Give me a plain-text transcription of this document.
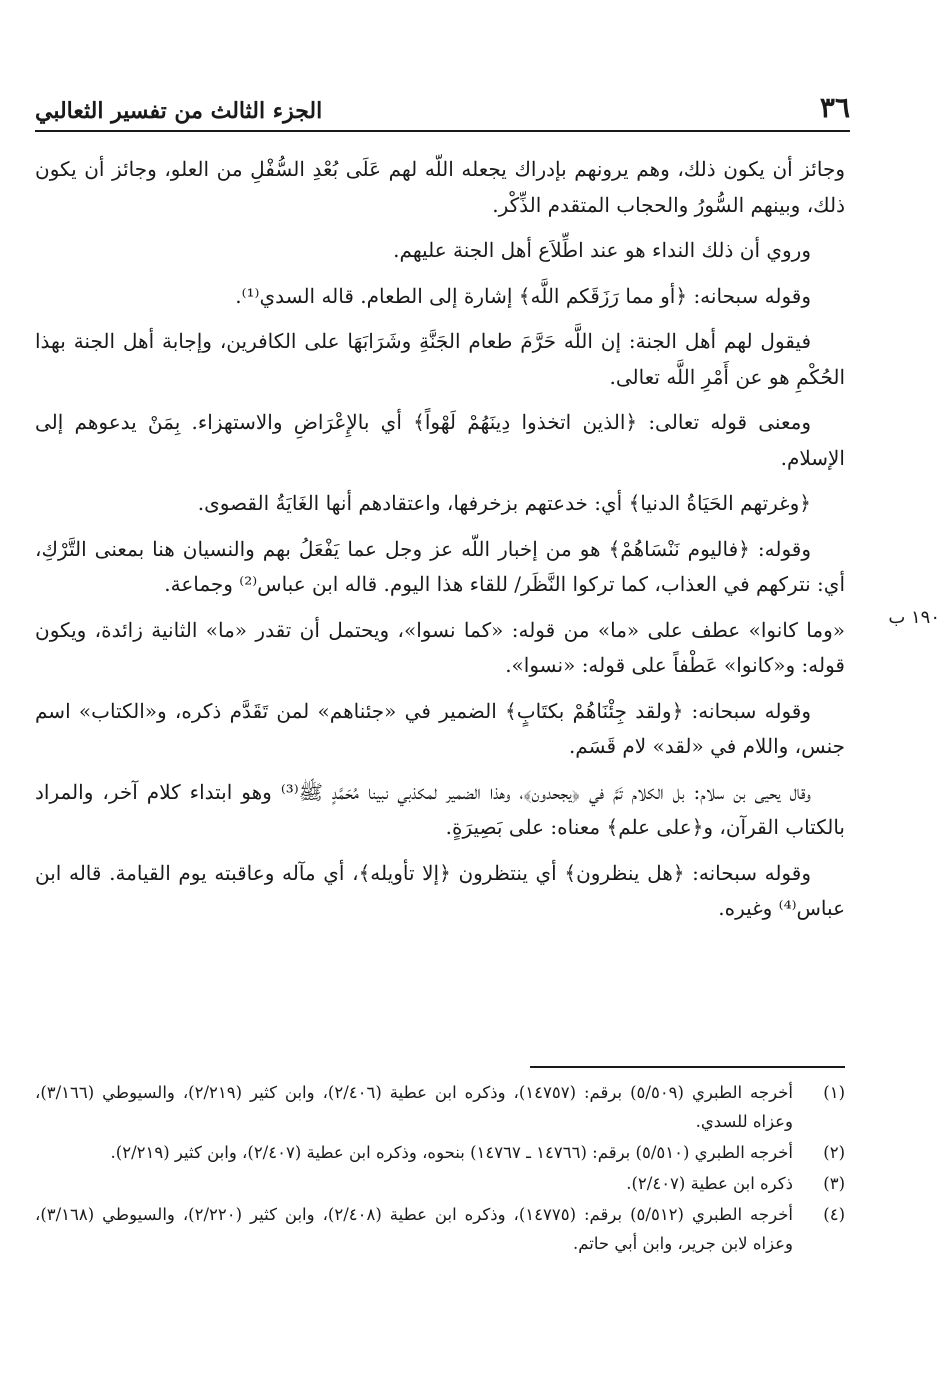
٣٦
الجزء الثالث من تفسير الثعالبي
١٩٠ ب

وجائز أن يكون ذلك، وهم يرونهم بإدراك يجعله اللّه لهم عَلَى بُعْدِ السُّفْلِ من العلو، وجائز أن يكون ذلك، وبينهم السُّورُ والحجاب المتقدم الذِّكْر.

وروي أن ذلك النداء هو عند اطِّلاَع أهل الجنة عليهم.

وقوله سبحانه: ﴿أو مما رَزَقَكم اللَّه﴾ إشارة إلى الطعام. قاله السدي⁽¹⁾.

فيقول لهم أهل الجنة: إن اللَّه حَرَّمَ طعام الجَنَّةِ وشَرَابَهَا على الكافرين، وإجابة أهل الجنة بهذا الحُكْمِ هو عن أَمْرِ اللَّه تعالى.

ومعنى قوله تعالى: ﴿الذين اتخذوا دِينَهُمْ لَهْواً﴾ أي بالإِعْرَاضِ والاستهزاء. بِمَنْ يدعوهم إلى الإسلام.

﴿وغرتهم الحَيَاةُ الدنيا﴾ أي: خدعتهم بزخرفها، واعتقادهم أنها الغَايَةُ القصوى.

وقوله: ﴿فاليوم نَنْسَاهُمْ﴾ هو من إخبار اللّه عز وجل عما يَفْعَلُ بهم والنسيان هنا بمعنى التَّرْكِ، أي: نتركهم في العذاب، كما تركوا النَّظَر/ للقاء هذا اليوم. قاله ابن عباس⁽²⁾ وجماعة.

«وما كانوا» عطف على «ما» من قوله: «كما نسوا»، ويحتمل أن تقدر «ما» الثانية زائدة، ويكون قوله: و«كانوا» عَطْفاً على قوله: «نسوا».

وقوله سبحانه: ﴿ولقد جِئْنَاهُمْ بكتَابٍ﴾ الضمير في «جئناهم» لمن تَقَدَّم ذكره، و«الكتاب» اسم جنس، واللام في «لقد» لام قَسَم.

وقال يحيى بن سلام: بل الكلام تَمَّ في ﴿يجحدون﴾، وهذا الضمير لمكذبي نبينا مُحَمَّدٍ ﷺ⁽³⁾ وهو ابتداء كلام آخر، والمراد بالكتاب القرآن، و﴿على علم﴾ معناه: على بَصِيرَةٍ.

وقوله سبحانه: ﴿هل ينظرون﴾ أي ينتظرون ﴿إلا تأويله﴾، أي مآله وعاقبته يوم القيامة. قاله ابن عباس⁽⁴⁾ وغيره.

(١)
أخرجه الطبري (٥/٥٠٩) برقم: (١٤٧٥٧)، وذكره ابن عطية (٢/٤٠٦)، وابن كثير (٢/٢١٩)، والسيوطي (٣/١٦٦)، وعزاه للسدي.
(٢)
أخرجه الطبري (٥/٥١٠) برقم: (١٤٧٦٦ ـ ١٤٧٦٧) بنحوه، وذكره ابن عطية (٢/٤٠٧)، وابن كثير (٢/٢١٩).
(٣)
ذكره ابن عطية (٢/٤٠٧).
(٤)
أخرجه الطبري (٥/٥١٢) برقم: (١٤٧٧٥)، وذكره ابن عطية (٢/٤٠٨)، وابن كثير (٢/٢٢٠)، والسيوطي (٣/١٦٨)، وعزاه لابن جرير، وابن أبي حاتم.
